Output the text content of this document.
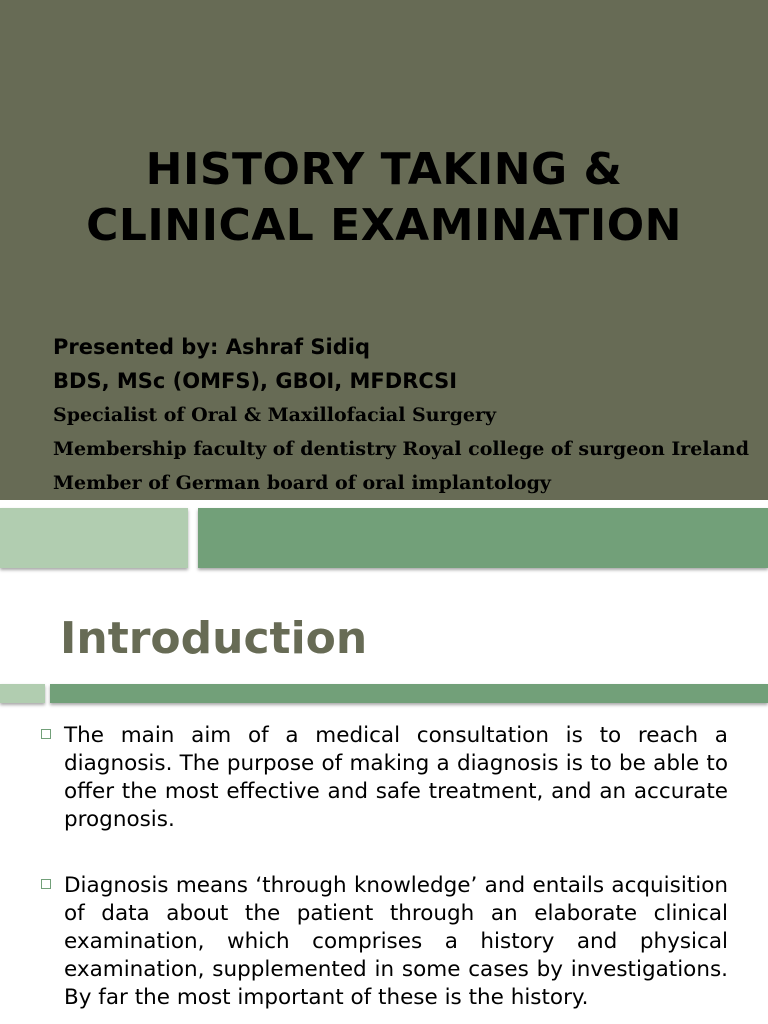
HISTORY TAKING &
CLINICAL EXAMINATION
Presented by: Ashraf Sidiq
BDS, MSc (OMFS), GBOI, MFDRCSI
Specialist of Oral & Maxillofacial Surgery
Membership faculty of dentistry Royal college of surgeon Ireland
Member of German board of oral implantology
Introduction
The main aim of a medical consultation is to reach a diagnosis. The purpose of making a diagnosis is to be able to offer the most effective and safe treatment, and an accurate prognosis.
Diagnosis means ‘through knowledge’ and entails acquisition of data about the patient through an elaborate clinical examination, which comprises a history and physical examination, supplemented in some cases by investigations. By far the most important of these is the history.
